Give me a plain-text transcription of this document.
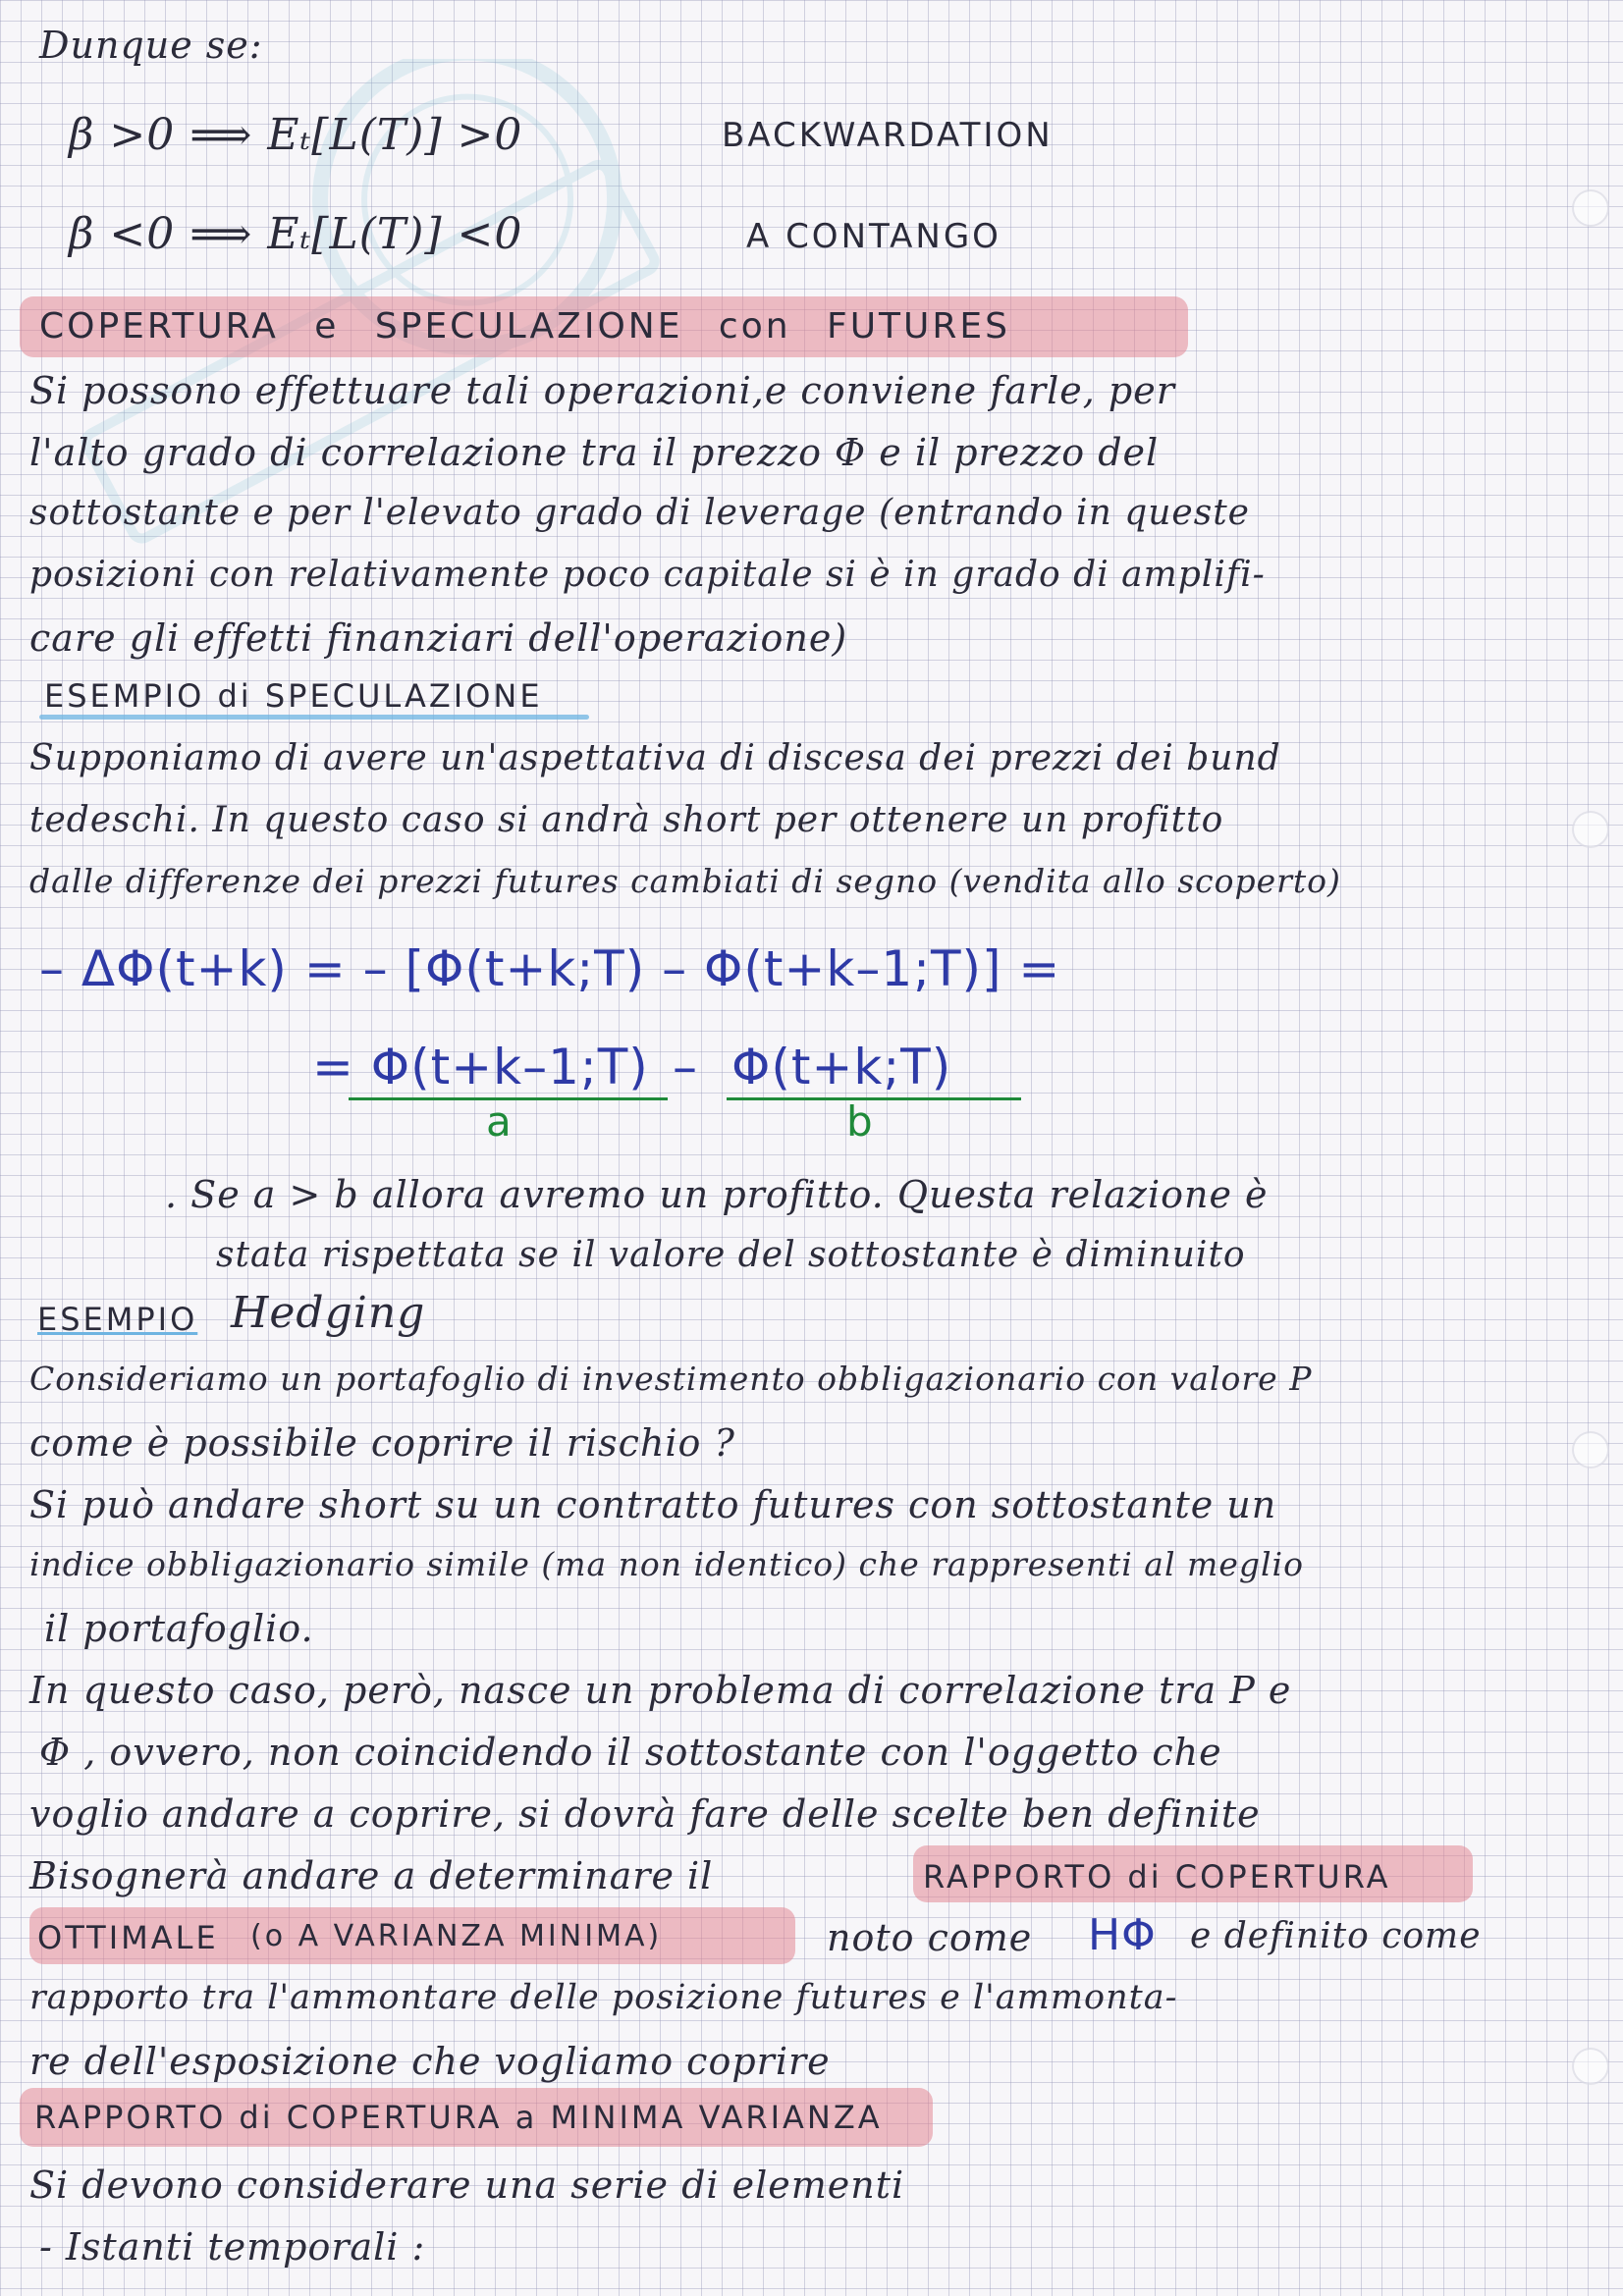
Dunque se:
β >0 ⟹ Eₜ[L(T)] >0	BACKWARDATION
β <0 ⟹ Eₜ[L(T)] <0	A CONTANGO
COPERTURA e SPECULAZIONE con FUTURES
Si possono effettuare tali operazioni,e conviene farle, per
l'alto grado di correlazione tra il prezzo Φ e il prezzo del
sottostante e per l'elevato grado di leverage (entrando in queste
posizioni con relativamente poco capitale si è in grado di amplifi-
care gli effetti finanziari dell'operazione)
ESEMPIO di SPECULAZIONE
Supponiamo di avere un'aspettativa di discesa dei prezzi dei bund
tedeschi. In questo caso si andrà short per ottenere un profitto
dalle differenze dei prezzi futures cambiati di segno (vendita allo scoperto)
– ΔΦ(t+k) = – [Φ(t+k;T) – Φ(t+k–1;T)] =
= Φ(t+k–1;T) – Φ(t+k;T)
a	b
. Se a > b allora avremo un profitto. Questa relazione è
stata rispettata se il valore del sottostante è diminuito
ESEMPIO Hedging
Consideriamo un portafoglio di investimento obbligazionario con valore P
come è possibile coprire il rischio ?
Si può andare short su un contratto futures con sottostante un
indice obbligazionario simile (ma non identico) che rappresenti al meglio
il portafoglio.
In questo caso, però, nasce un problema di correlazione tra P e
Φ , ovvero, non coincidendo il sottostante con l'oggetto che
voglio andare a coprire, si dovrà fare delle scelte ben definite
Bisognerà andare a determinare il	RAPPORTO di COPERTURA
OTTIMALE (o A VARIANZA MINIMA)	noto come HΦ e definito come
rapporto tra l'ammontare delle posizione futures e l'ammonta-
re dell'esposizione che vogliamo coprire
RAPPORTO di COPERTURA a MINIMA VARIANZA
Si devono considerare una serie di elementi
- Istanti temporali :
